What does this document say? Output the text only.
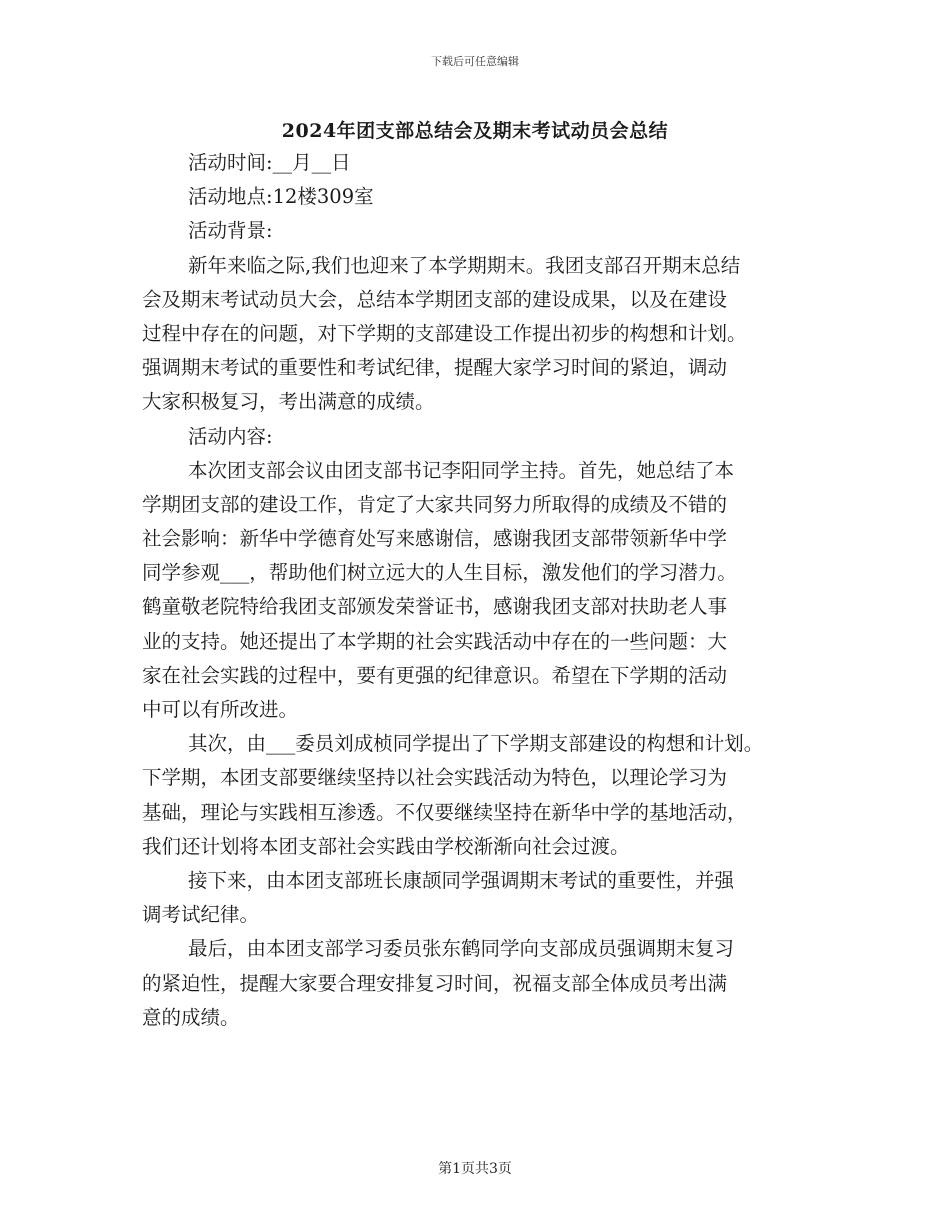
下载后可任意编辑
2024年团支部总结会及期末考试动员会总结
活动时间:__月__日
活动地点:12楼309室
活动背景:
新年来临之际,我们也迎来了本学期期末。我团支部召开期末总结
会及期末考试动员大会，总结本学期团支部的建设成果，以及在建设
过程中存在的问题，对下学期的支部建设工作提出初步的构想和计划。
强调期末考试的重要性和考试纪律，提醒大家学习时间的紧迫，调动
大家积极复习，考出满意的成绩。
活动内容:
本次团支部会议由团支部书记李阳同学主持。首先，她总结了本
学期团支部的建设工作，肯定了大家共同努力所取得的成绩及不错的
社会影响：新华中学德育处写来感谢信，感谢我团支部带领新华中学
同学参观___，帮助他们树立远大的人生目标，激发他们的学习潜力。
鹤童敬老院特给我团支部颁发荣誉证书，感谢我团支部对扶助老人事
业的支持。她还提出了本学期的社会实践活动中存在的一些问题：大
家在社会实践的过程中，要有更强的纪律意识。希望在下学期的活动
中可以有所改进。
其次，由___委员刘成桢同学提出了下学期支部建设的构想和计划。
下学期，本团支部要继续坚持以社会实践活动为特色，以理论学习为
基础，理论与实践相互渗透。不仅要继续坚持在新华中学的基地活动，
我们还计划将本团支部社会实践由学校渐渐向社会过渡。
接下来，由本团支部班长康颉同学强调期末考试的重要性，并强
调考试纪律。
最后，由本团支部学习委员张东鹤同学向支部成员强调期末复习
的紧迫性，提醒大家要合理安排复习时间，祝福支部全体成员考出满
意的成绩。
第1页共3页
